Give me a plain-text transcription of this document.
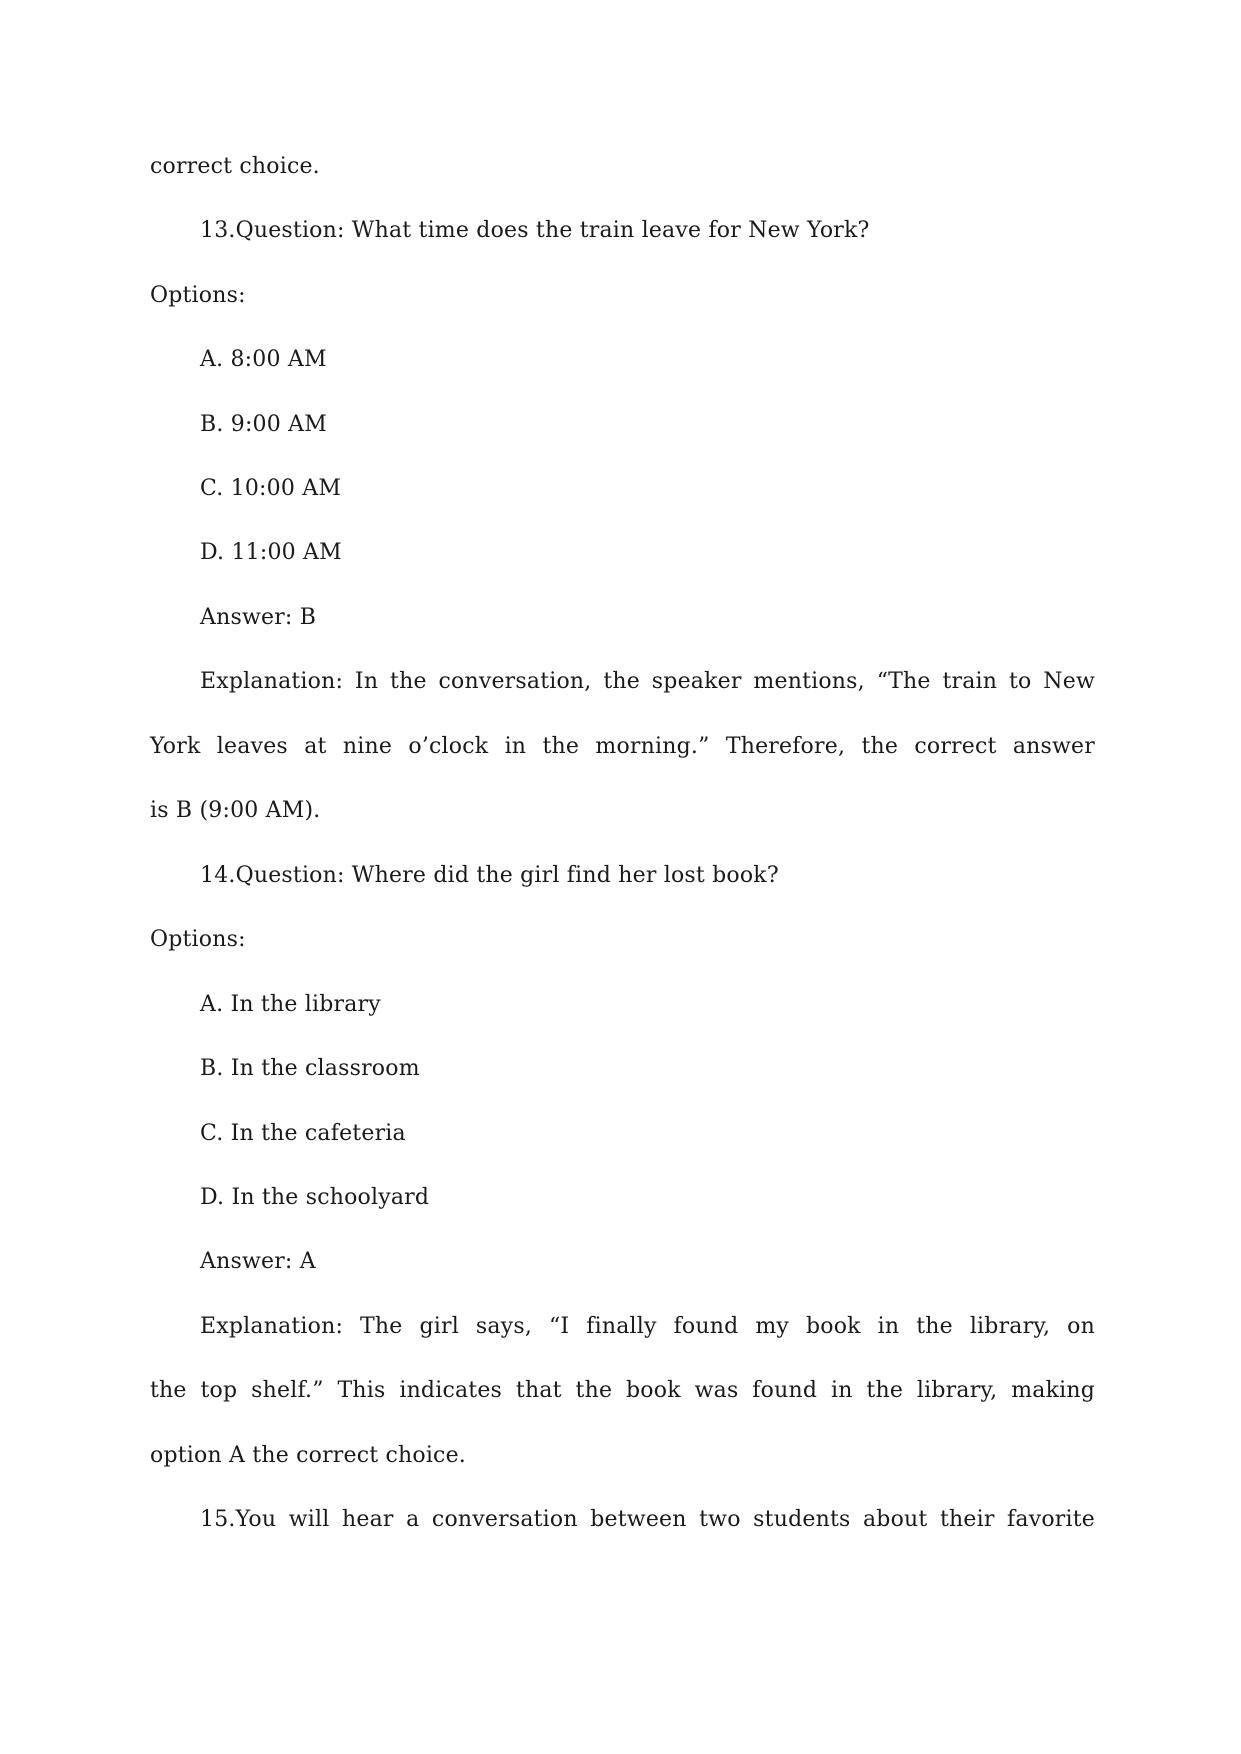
correct choice.
13.Question: What time does the train leave for New York?
Options:
A. 8:00 AM
B. 9:00 AM
C. 10:00 AM
D. 11:00 AM
Answer: B
Explanation: In the conversation, the speaker mentions, “The train to New
York leaves at nine o’clock in the morning.” Therefore, the correct answer
is B (9:00 AM).
14.Question: Where did the girl find her lost book?
Options:
A. In the library
B. In the classroom
C. In the cafeteria
D. In the schoolyard
Answer: A
Explanation: The girl says, “I finally found my book in the library, on
the top shelf.” This indicates that the book was found in the library, making
option A the correct choice.
15.You will hear a conversation between two students about their favorite
